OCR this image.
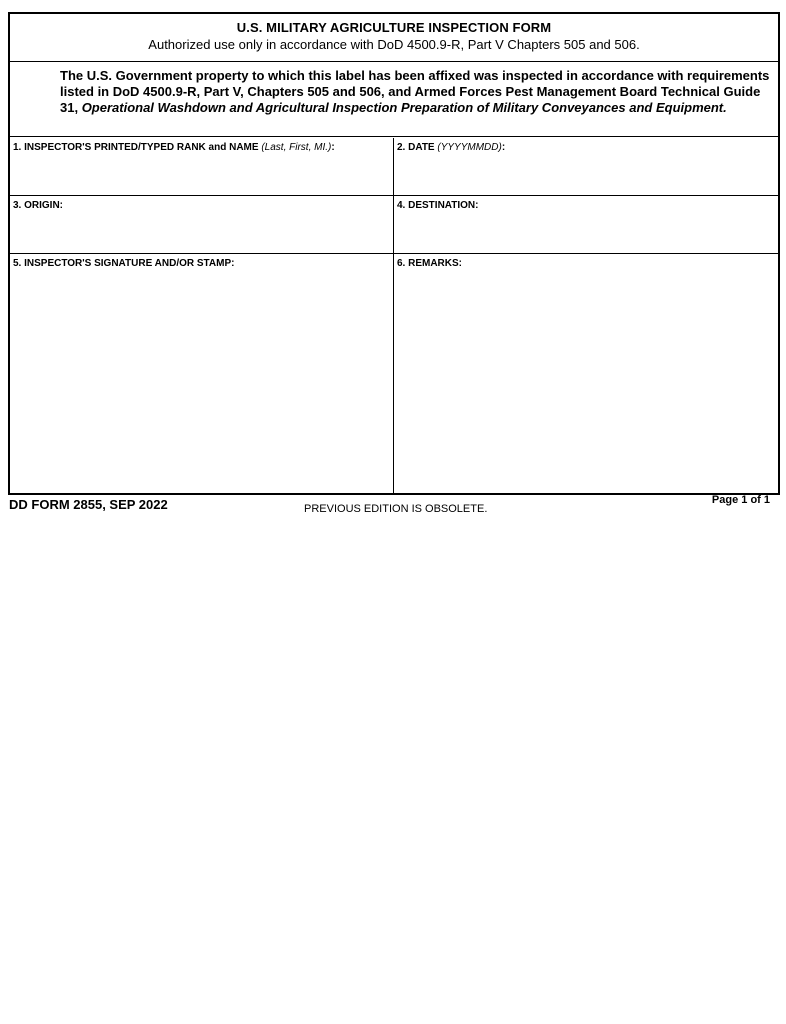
U.S. MILITARY AGRICULTURE INSPECTION FORM
Authorized use only in accordance with DoD 4500.9-R, Part V Chapters 505 and 506.
The U.S. Government property to which this label has been affixed was inspected in accordance with requirements listed in DoD 4500.9-R, Part V, Chapters 505 and 506, and Armed Forces Pest Management Board Technical Guide 31, Operational Washdown and Agricultural Inspection Preparation of Military Conveyances and Equipment.
1. INSPECTOR'S PRINTED/TYPED RANK and NAME (Last, First, MI.):	2. DATE (YYYYMMDD):
3. ORIGIN:	4. DESTINATION:
5. INSPECTOR'S SIGNATURE AND/OR STAMP:	6. REMARKS:
DD FORM 2855, SEP 2022	PREVIOUS EDITION IS OBSOLETE.
Page 1 of 1
